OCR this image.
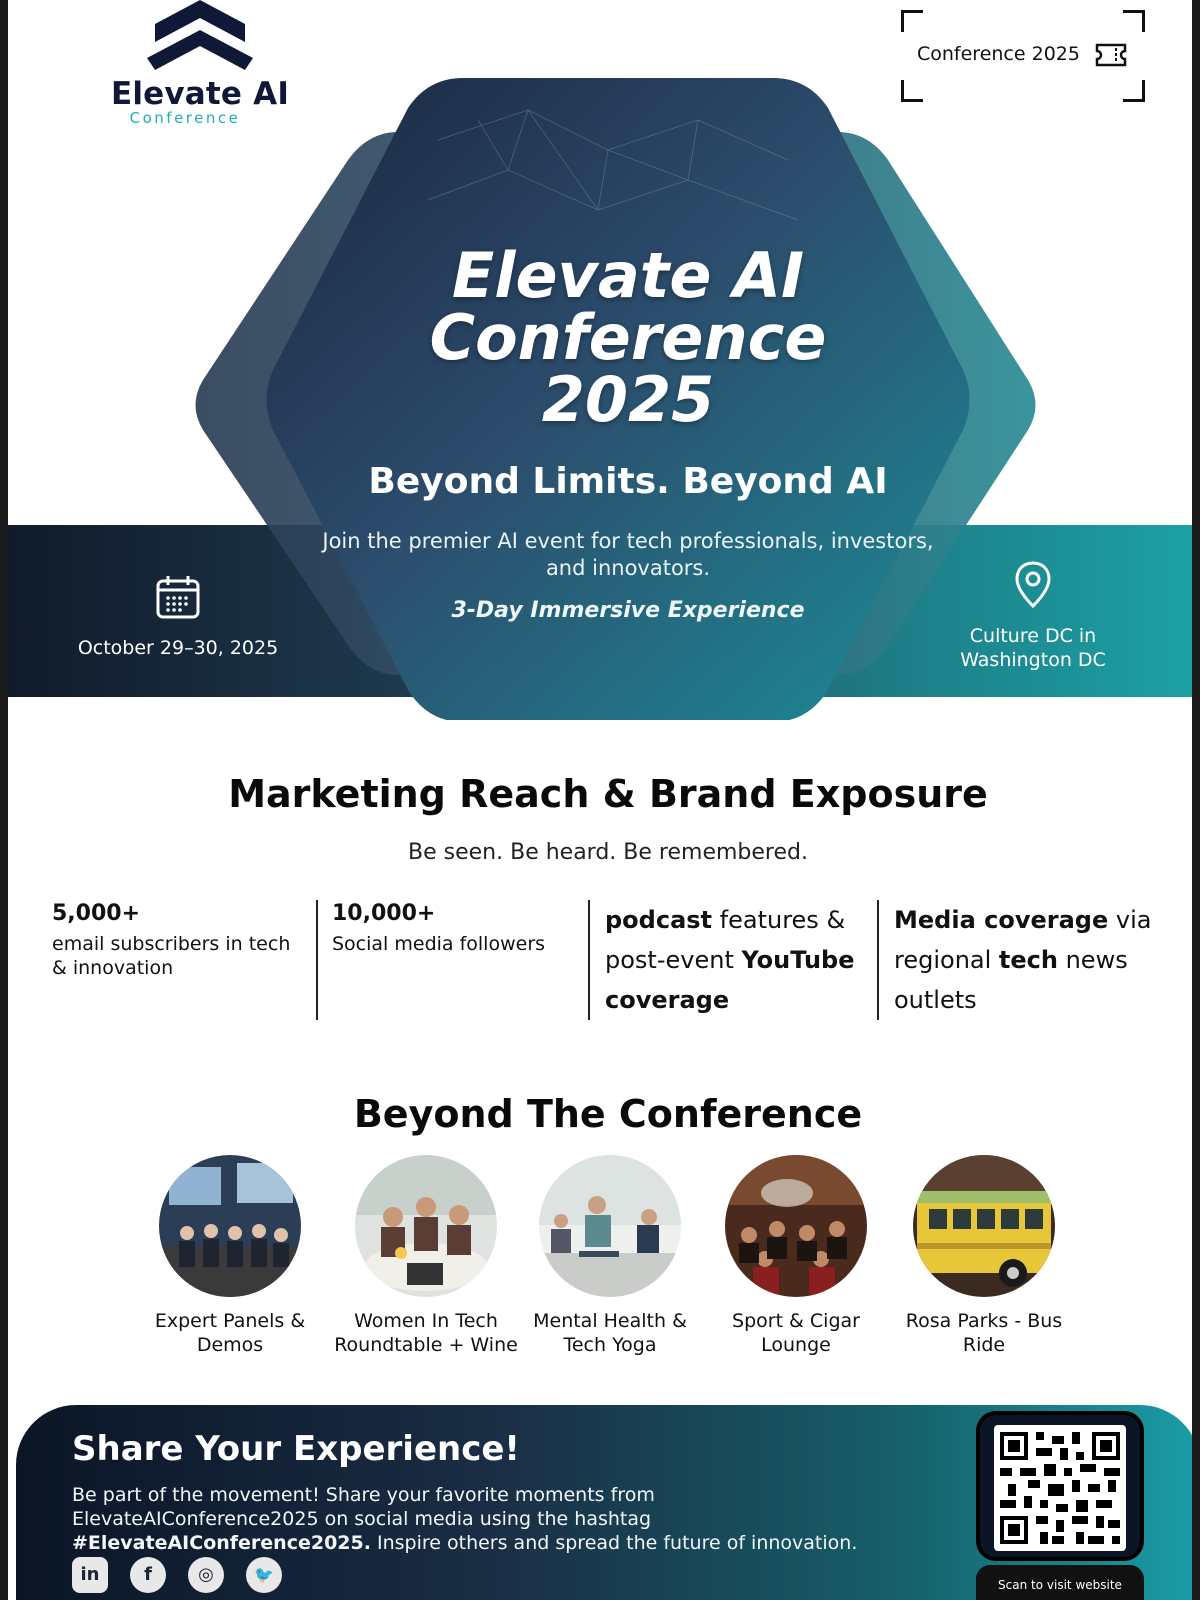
Elevate AI
Conference
Conference 2025
Elevate AI
Conference
2025
Beyond Limits. Beyond AI
Join the premier AI event for tech professionals, investors, and innovators.
3-Day Immersive Experience
October 29–30, 2025
Culture DC in
Washington DC
Marketing Reach & Brand Exposure
Be seen. Be heard. Be remembered.
5,000+
email subscribers in tech & innovation
10,000+
Social media followers
podcast features & post-event YouTube coverage
Media coverage via regional tech news outlets
Beyond The Conference
Expert Panels & Demos
Women In Tech Roundtable + Wine
Mental Health & Tech Yoga
Sport & Cigar Lounge
Rosa Parks - Bus Ride
Share Your Experience!
Be part of the movement! Share your favorite moments from ElevateAIConference2025 on social media using the hashtag #ElevateAIConference2025. Inspire others and spread the future of innovation.
in	f	◎	🐦
Scan to visit website
